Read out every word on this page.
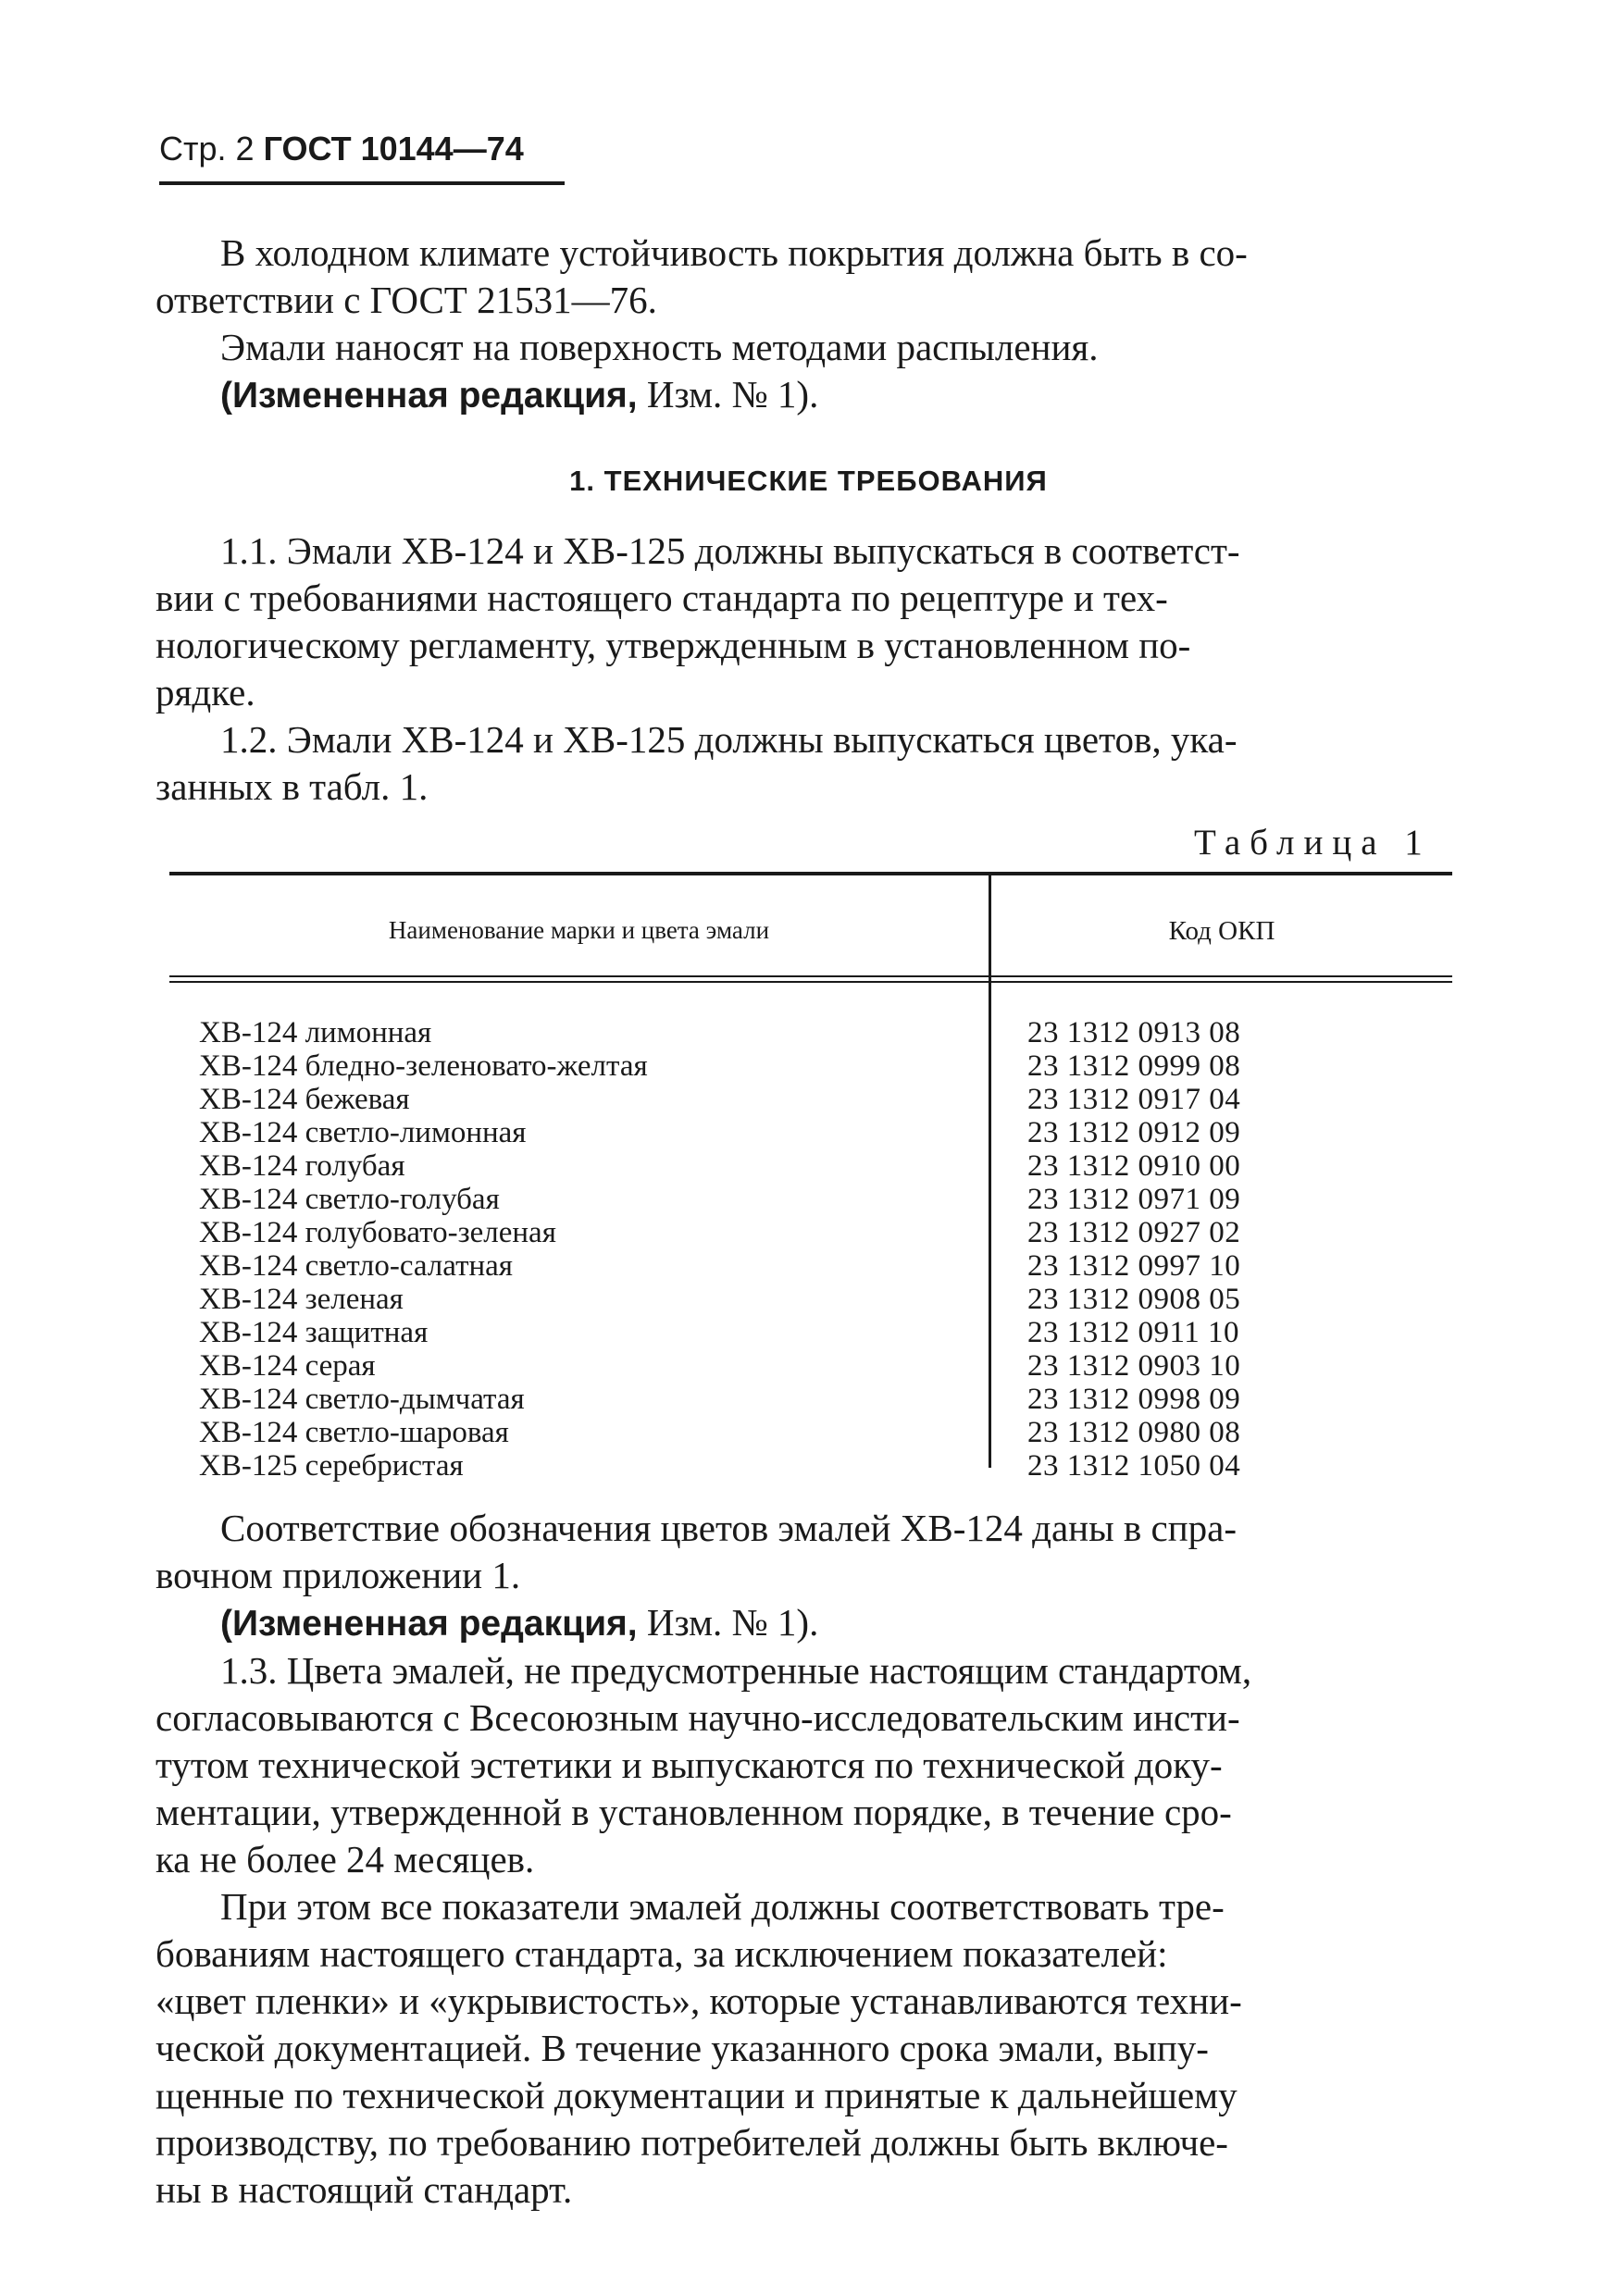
Стр. 2 ГОСТ 10144—74
В холодном климате устойчивость покрытия должна быть в со-
ответствии с ГОСТ 21531—76.
Эмали наносят на поверхность методами распыления.
(Измененная редакция, Изм. № 1).
1. ТЕХНИЧЕСКИЕ ТРЕБОВАНИЯ
1.1. Эмали ХВ-124 и ХВ-125 должны выпускаться в соответст-
вии с требованиями настоящего стандарта по рецептуре и тех-
нологическому регламенту, утвержденным в установленном по-
рядке.
1.2. Эмали ХВ-124 и ХВ-125 должны выпускаться цветов, ука-
занных в табл. 1.
Таблица 1
Наименование марки и цвета эмали	Код ОКП
ХВ-124 лимонная	23 1312 0913 08
ХВ-124 бледно-зеленовато-желтая	23 1312 0999 08
ХВ-124 бежевая	23 1312 0917 04
ХВ-124 светло-лимонная	23 1312 0912 09
ХВ-124 голубая	23 1312 0910 00
ХВ-124 светло-голубая	23 1312 0971 09
ХВ-124 голубовато-зеленая	23 1312 0927 02
ХВ-124 светло-салатная	23 1312 0997 10
ХВ-124 зеленая	23 1312 0908 05
ХВ-124 защитная	23 1312 0911 10
ХВ-124 серая	23 1312 0903 10
ХВ-124 светло-дымчатая	23 1312 0998 09
ХВ-124 светло-шаровая	23 1312 0980 08
ХВ-125 серебристая	23 1312 1050 04
Соответствие обозначения цветов эмалей ХВ-124 даны в спра-
вочном приложении 1.
(Измененная редакция, Изм. № 1).
1.3. Цвета эмалей, не предусмотренные настоящим стандартом,
согласовываются с Всесоюзным научно-исследовательским инсти-
тутом технической эстетики и выпускаются по технической доку-
ментации, утвержденной в установленном порядке, в течение сро-
ка не более 24 месяцев.
При этом все показатели эмалей должны соответствовать тре-
бованиям настоящего стандарта, за исключением показателей:
«цвет пленки» и «укрывистость», которые устанавливаются техни-
ческой документацией. В течение указанного срока эмали, выпу-
щенные по технической документации и принятые к дальнейшему
производству, по требованию потребителей должны быть включе-
ны в настоящий стандарт.
